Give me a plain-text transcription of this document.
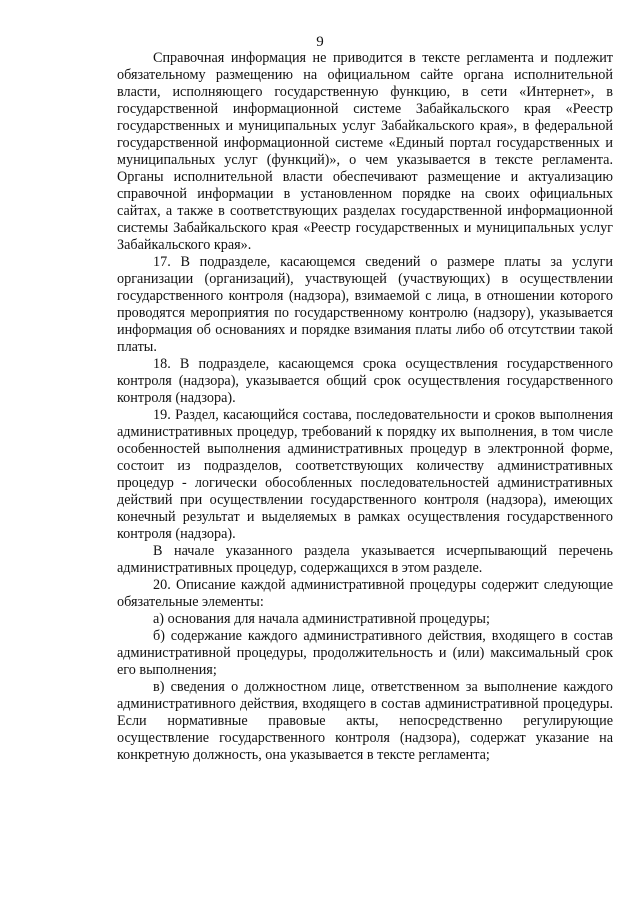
9

Справочная информация не приводится в тексте регламента и подлежит обязательному размещению на официальном сайте органа исполнительной власти, исполняющего государственную функцию, в сети «Интернет», в государственной информационной системе Забайкальского края «Реестр государственных и муниципальных услуг Забайкальского края», в федеральной государственной информационной системе «Единый портал государственных и муниципальных услуг (функций)», о чем указывается в тексте регламента. Органы исполнительной власти обеспечивают размещение и актуализацию справочной информации в установленном порядке на своих официальных сайтах, а также в соответствующих разделах государственной информационной системы Забайкальского края «Реестр государственных и муниципальных услуг Забайкальского края».

17. В подразделе, касающемся сведений о размере платы за услуги организации (организаций), участвующей (участвующих) в осуществлении государственного контроля (надзора), взимаемой с лица, в отношении которого проводятся мероприятия по государственному контролю (надзору), указывается информация об основаниях и порядке взимания платы либо об отсутствии такой платы.

18. В подразделе, касающемся срока осуществления государственного контроля (надзора), указывается общий срок осуществления государственного контроля (надзора).

19. Раздел, касающийся состава, последовательности и сроков выполнения административных процедур, требований к порядку их выполнения, в том числе особенностей выполнения административных процедур в электронной форме, состоит из подразделов, соответствующих количеству административных процедур - логически обособленных последовательностей административных действий при осуществлении государственного контроля (надзора), имеющих конечный результат и выделяемых в рамках осуществления государственного контроля (надзора).

В начале указанного раздела указывается исчерпывающий перечень административных процедур, содержащихся в этом разделе.

20. Описание каждой административной процедуры содержит следующие обязательные элементы:

а) основания для начала административной процедуры;

б) содержание каждого административного действия, входящего в состав административной процедуры, продолжительность и (или) максимальный срок его выполнения;

в) сведения о должностном лице, ответственном за выполнение каждого административного действия, входящего в состав административной процедуры. Если нормативные правовые акты, непосредственно регулирующие осуществление государственного контроля (надзора), содержат указание на конкретную должность, она указывается в тексте регламента;
